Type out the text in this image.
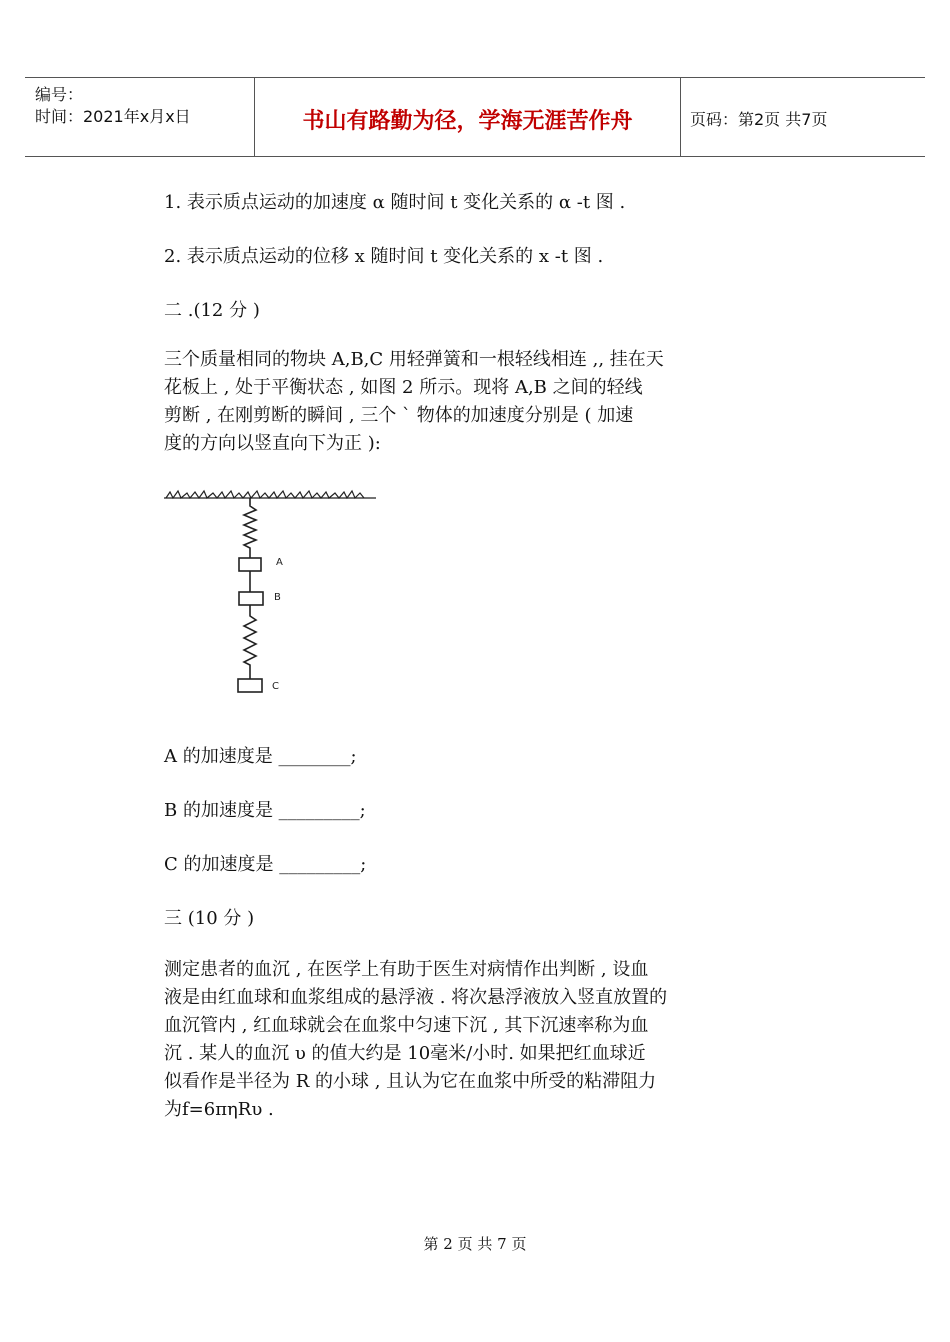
编号：
时间：2021年x月x日	书山有路勤为径，学海无涯苦作舟	页码：第2页 共7页
1. 表示质点运动的加速度 α 随时间 t 变化关系的 α -t 图 .
2. 表示质点运动的位移 x 随时间 t 变化关系的 x -t 图 .
二 .(12 分 )

三个质量相同的物块 A,B,C 用轻弹簧和一根轻线相连 ,, 挂在天

花板上 , 处于平衡状态 , 如图 2 所示。现将 A,B 之间的轻线

剪断 , 在刚剪断的瞬间 , 三个 ` 物体的加速度分别是 ( 加速

度的方向以竖直向下为正 ):

A
B
C
A 的加速度是 ________;
B 的加速度是 _________;
C 的加速度是 _________;
三 (10 分 )

测定患者的血沉 , 在医学上有助于医生对病情作出判断 , 设血

液是由红血球和血浆组成的悬浮液 . 将次悬浮液放入竖直放置的

血沉管内 , 红血球就会在血浆中匀速下沉 , 其下沉速率称为血

沉 . 某人的血沉 υ 的值大约是 10毫米/小时. 如果把红血球近

似看作是半径为 R 的小球 , 且认为它在血浆中所受的粘滞阻力

为f=6πηRυ .

第 2 页 共 7 页
